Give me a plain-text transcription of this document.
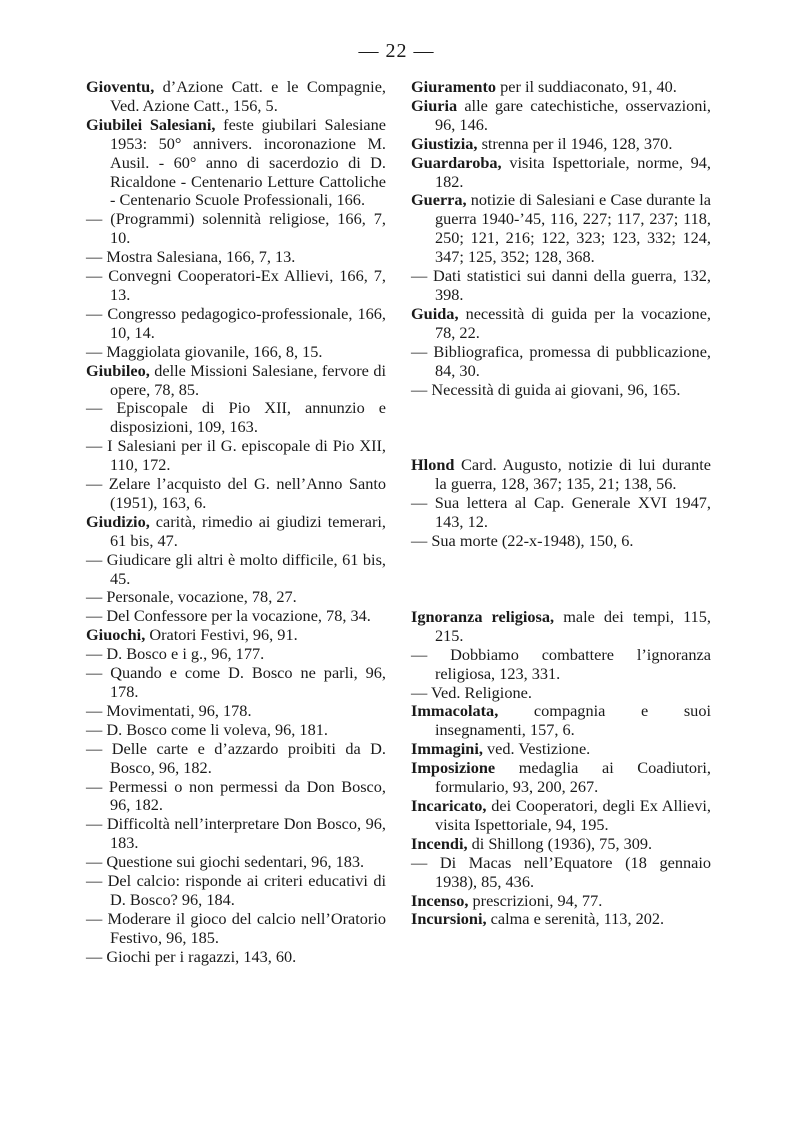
— 22 —
Gioventu, d’Azione Catt. e le Compagnie, Ved. Azione Catt., 156, 5.
Giubilei Salesiani, feste giubilari Salesiane 1953: 50° annivers. incoronazione M. Ausil. - 60° anno di sacerdozio di D. Ricaldone - Centenario Letture Cattoliche - Centenario Scuole Professionali, 166.
— (Programmi) solennità religiose, 166, 7, 10.
— Mostra Salesiana, 166, 7, 13.
— Convegni Cooperatori-Ex Allievi, 166, 7, 13.
— Congresso pedagogico-professionale, 166, 10, 14.
— Maggiolata giovanile, 166, 8, 15.
Giubileo, delle Missioni Salesiane, fervore di opere, 78, 85.
— Episcopale di Pio XII, annunzio e disposizioni, 109, 163.
— I Salesiani per il G. episcopale di Pio XII, 110, 172.
— Zelare l’acquisto del G. nell’Anno Santo (1951), 163, 6.
Giudizio, carità, rimedio ai giudizi temerari, 61 bis, 47.
— Giudicare gli altri è molto difficile, 61 bis, 45.
— Personale, vocazione, 78, 27.
— Del Confessore per la vocazione, 78, 34.
Giuochi, Oratori Festivi, 96, 91.
— D. Bosco e i g., 96, 177.
— Quando e come D. Bosco ne parli, 96, 178.
— Movimentati, 96, 178.
— D. Bosco come li voleva, 96, 181.
— Delle carte e d’azzardo proibiti da D. Bosco, 96, 182.
— Permessi o non permessi da Don Bosco, 96, 182.
— Difficoltà nell’interpretare Don Bosco, 96, 183.
— Questione sui giochi sedentari, 96, 183.
— Del calcio: risponde ai criteri educativi di D. Bosco? 96, 184.
— Moderare il gioco del calcio nell’Oratorio Festivo, 96, 185.
— Giochi per i ragazzi, 143, 60.
Giuramento per il suddiaconato, 91, 40.
Giuria alle gare catechistiche, osservazioni, 96, 146.
Giustizia, strenna per il 1946, 128, 370.
Guardaroba, visita Ispettoriale, norme, 94, 182.
Guerra, notizie di Salesiani e Case durante la guerra 1940-’45, 116, 227; 117, 237; 118, 250; 121, 216; 122, 323; 123, 332; 124, 347; 125, 352; 128, 368.
— Dati statistici sui danni della guerra, 132, 398.
Guida, necessità di guida per la vocazione, 78, 22.
— Bibliografica, promessa di pubblicazione, 84, 30.
— Necessità di guida ai giovani, 96, 165.
Hlond Card. Augusto, notizie di lui durante la guerra, 128, 367; 135, 21; 138, 56.
— Sua lettera al Cap. Generale XVI 1947, 143, 12.
— Sua morte (22-x-1948), 150, 6.
Ignoranza religiosa, male dei tempi, 115, 215.
— Dobbiamo combattere l’ignoranza religiosa, 123, 331.
— Ved. Religione.
Immacolata, compagnia e suoi insegnamenti, 157, 6.
Immagini, ved. Vestizione.
Imposizione medaglia ai Coadiutori, formulario, 93, 200, 267.
Incaricato, dei Cooperatori, degli Ex Allievi, visita Ispettoriale, 94, 195.
Incendi, di Shillong (1936), 75, 309.
— Di Macas nell’Equatore (18 gennaio 1938), 85, 436.
Incenso, prescrizioni, 94, 77.
Incursioni, calma e serenità, 113, 202.
